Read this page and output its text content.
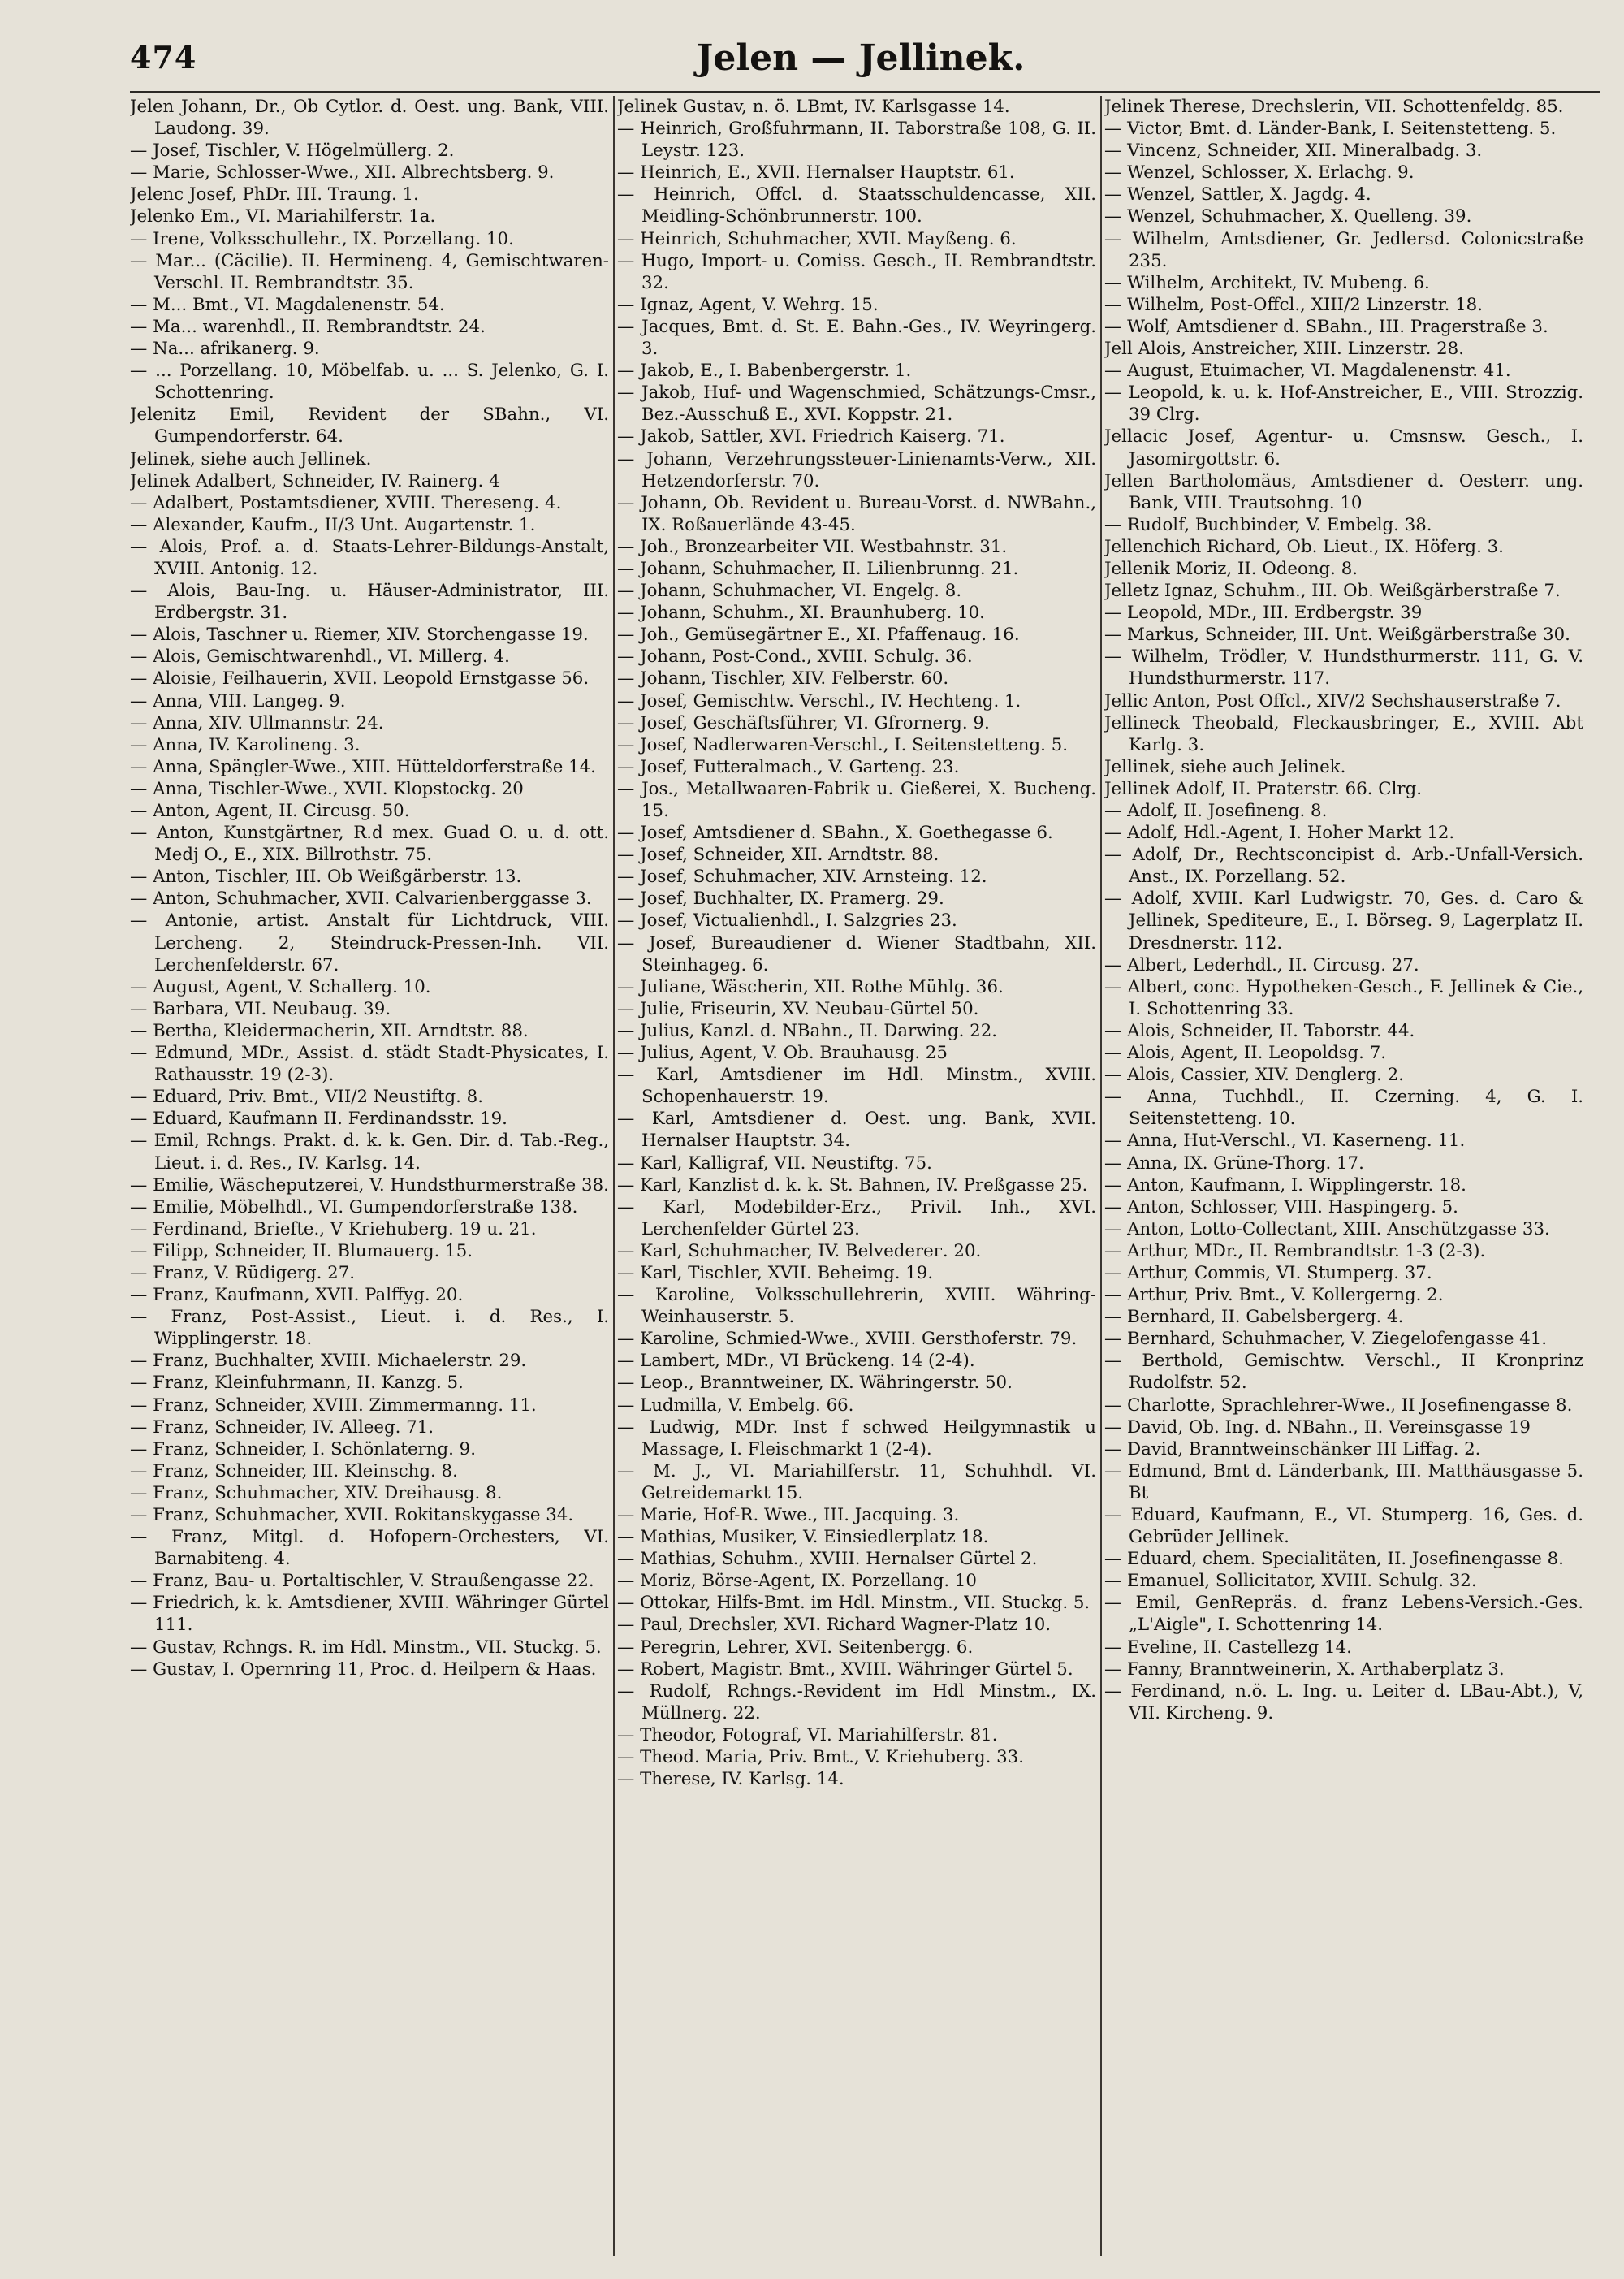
474	Jelen — Jellinek.
Jelen Johann, Dr., Ob Cytlor. d. Oest. ung. Bank, VIII. Laudong. 39.
— Josef, Tischler, V. Högelmüllerg. 2.
— Marie, Schlosser-Wwe., XII. Albrechtsberg. 9.
Jelenc Josef, PhDr. III. Traung. 1.
Jelenko Em., VI. Mariahilferstr. 1a.
— Irene, Volksschullehr., IX. Porzellang. 10.
— Mar... (Cäcilie). II. Hermineng. 4, Gemischtwaren-Verschl. II. Rembrandtstr. 35.
— M... Bmt., VI. Magdalenenstr. 54.
— Ma... warenhdl., II. Rembrandtstr. 24.
— Na... afrikanerg. 9.
— ... Porzellang. 10, Möbelfab. u. ... S. Jelenko, G. I. Schottenring.
Jelenitz Emil, Revident der SBahn., VI. Gumpendorferstr. 64.
Jelinek, siehe auch Jellinek.
Jelinek Adalbert, Schneider, IV. Rainerg. 4
— Adalbert, Postamtsdiener, XVIII. Thereseng. 4.
— Alexander, Kaufm., II/3 Unt. Augartenstr. 1.
— Alois, Prof. a. d. Staats-Lehrer-Bildungs-Anstalt, XVIII. Antonig. 12.
— Alois, Bau-Ing. u. Häuser-Administrator, III. Erdbergstr. 31.
— Alois, Taschner u. Riemer, XIV. Storchengasse 19.
— Alois, Gemischtwarenhdl., VI. Millerg. 4.
— Aloisie, Feilhauerin, XVII. Leopold Ernstgasse 56.
— Anna, VIII. Langeg. 9.
— Anna, XIV. Ullmannstr. 24.
— Anna, IV. Karolineng. 3.
— Anna, Spängler-Wwe., XIII. Hütteldorferstraße 14.
— Anna, Tischler-Wwe., XVII. Klopstockg. 20
— Anton, Agent, II. Circusg. 50.
— Anton, Kunstgärtner, R.d mex. Guad O. u. d. ott. Medj O., E., XIX. Billrothstr. 75.
— Anton, Tischler, III. Ob Weißgärberstr. 13.
— Anton, Schuhmacher, XVII. Calvarienberggasse 3.
— Antonie, artist. Anstalt für Lichtdruck, VIII. Lercheng. 2, Steindruck-Pressen-Inh. VII. Lerchenfelderstr. 67.
— August, Agent, V. Schallerg. 10.
— Barbara, VII. Neubaug. 39.
— Bertha, Kleidermacherin, XII. Arndtstr. 88.
— Edmund, MDr., Assist. d. städt Stadt-Physicates, I. Rathausstr. 19 (2-3).
— Eduard, Priv. Bmt., VII/2 Neustiftg. 8.
— Eduard, Kaufmann II. Ferdinandsstr. 19.
— Emil, Rchngs. Prakt. d. k. k. Gen. Dir. d. Tab.-Reg., Lieut. i. d. Res., IV. Karlsg. 14.
— Emilie, Wäscheputzerei, V. Hundsthurmerstraße 38.
— Emilie, Möbelhdl., VI. Gumpendorferstraße 138.
— Ferdinand, Briefte., V Kriehuberg. 19 u. 21.
— Filipp, Schneider, II. Blumauerg. 15.
— Franz, V. Rüdigerg. 27.
— Franz, Kaufmann, XVII. Palffyg. 20.
— Franz, Post-Assist., Lieut. i. d. Res., I. Wipplingerstr. 18.
— Franz, Buchhalter, XVIII. Michaelerstr. 29.
— Franz, Kleinfuhrmann, II. Kanzg. 5.
— Franz, Schneider, XVIII. Zimmermanng. 11.
— Franz, Schneider, IV. Alleeg. 71.
— Franz, Schneider, I. Schönlaterng. 9.
— Franz, Schneider, III. Kleinschg. 8.
— Franz, Schuhmacher, XIV. Dreihausg. 8.
— Franz, Schuhmacher, XVII. Rokitanskygasse 34.
— Franz, Mitgl. d. Hofopern-Orchesters, VI. Barnabiteng. 4.
— Franz, Bau- u. Portaltischler, V. Straußengasse 22.
— Friedrich, k. k. Amtsdiener, XVIII. Währinger Gürtel 111.
— Gustav, Rchngs. R. im Hdl. Minstm., VII. Stuckg. 5.
— Gustav, I. Opernring 11, Proc. d. Heilpern & Haas.
Jelinek Gustav, n. ö. LBmt, IV. Karlsgasse 14.
— Heinrich, Großfuhrmann, II. Taborstraße 108, G. II. Leystr. 123.
— Heinrich, E., XVII. Hernalser Hauptstr. 61.
— Heinrich, Offcl. d. Staatsschuldencasse, XII. Meidling-Schönbrunnerstr. 100.
— Heinrich, Schuhmacher, XVII. Mayßeng. 6.
— Hugo, Import- u. Comiss. Gesch., II. Rembrandtstr. 32.
— Ignaz, Agent, V. Wehrg. 15.
— Jacques, Bmt. d. St. E. Bahn.-Ges., IV. Weyringerg. 3.
— Jakob, E., I. Babenbergerstr. 1.
— Jakob, Huf- und Wagenschmied, Schätzungs-Cmsr., Bez.-Ausschuß E., XVI. Koppstr. 21.
— Jakob, Sattler, XVI. Friedrich Kaiserg. 71.
— Johann, Verzehrungssteuer-Linienamts-Verw., XII. Hetzendorferstr. 70.
— Johann, Ob. Revident u. Bureau-Vorst. d. NWBahn., IX. Roßauerlände 43-45.
— Joh., Bronzearbeiter VII. Westbahnstr. 31.
— Johann, Schuhmacher, II. Lilienbrunng. 21.
— Johann, Schuhmacher, VI. Engelg. 8.
— Johann, Schuhm., XI. Braunhuberg. 10.
— Joh., Gemüsegärtner E., XI. Pfaffenaug. 16.
— Johann, Post-Cond., XVIII. Schulg. 36.
— Johann, Tischler, XIV. Felberstr. 60.
— Josef, Gemischtw. Verschl., IV. Hechteng. 1.
— Josef, Geschäftsführer, VI. Gfrornerg. 9.
— Josef, Nadlerwaren-Verschl., I. Seitenstetteng. 5.
— Josef, Futteralmach., V. Garteng. 23.
— Jos., Metallwaaren-Fabrik u. Gießerei, X. Bucheng. 15.
— Josef, Amtsdiener d. SBahn., X. Goethegasse 6.
— Josef, Schneider, XII. Arndtstr. 88.
— Josef, Schuhmacher, XIV. Arnsteing. 12.
— Josef, Buchhalter, IX. Pramerg. 29.
— Josef, Victualienhdl., I. Salzgries 23.
— Josef, Bureaudiener d. Wiener Stadtbahn, XII. Steinhageg. 6.
— Juliane, Wäscherin, XII. Rothe Mühlg. 36.
— Julie, Friseurin, XV. Neubau-Gürtel 50.
— Julius, Kanzl. d. NBahn., II. Darwing. 22.
— Julius, Agent, V. Ob. Brauhausg. 25
— Karl, Amtsdiener im Hdl. Minstm., XVIII. Schopenhauerstr. 19.
— Karl, Amtsdiener d. Oest. ung. Bank, XVII. Hernalser Hauptstr. 34.
— Karl, Kalligraf, VII. Neustiftg. 75.
— Karl, Kanzlist d. k. k. St. Bahnen, IV. Preßgasse 25.
— Karl, Modebilder-Erz., Privil. Inh., XVI. Lerchenfelder Gürtel 23.
— Karl, Schuhmacher, IV. Belvederег. 20.
— Karl, Tischler, XVII. Beheimg. 19.
— Karoline, Volksschullehrerin, XVIII. Währing-Weinhauserstr. 5.
— Karoline, Schmied-Wwe., XVIII. Gersthoferstr. 79.
— Lambert, MDr., VI Brückeng. 14 (2-4).
— Leop., Branntweiner, IX. Währingerstr. 50.
— Ludmilla, V. Embelg. 66.
— Ludwig, MDr. Inst f schwed Heilgymnastik u Massage, I. Fleischmarkt 1 (2-4).
— M. J., VI. Mariahilferstr. 11, Schuhhdl. VI. Getreidemarkt 15.
— Marie, Hof-R. Wwe., III. Jacquing. 3.
— Mathias, Musiker, V. Einsiedlerplatz 18.
— Mathias, Schuhm., XVIII. Hernalser Gürtel 2.
— Moriz, Börse-Agent, IX. Porzellang. 10
— Ottokar, Hilfs-Bmt. im Hdl. Minstm., VII. Stuckg. 5.
— Paul, Drechsler, XVI. Richard Wagner-Platz 10.
— Peregrin, Lehrer, XVI. Seitenbergg. 6.
— Robert, Magistr. Bmt., XVIII. Währinger Gürtel 5.
— Rudolf, Rchngs.-Revident im Hdl Minstm., IX. Müllnerg. 22.
— Theodor, Fotograf, VI. Mariahilferstr. 81.
— Theod. Maria, Priv. Bmt., V. Kriehuberg. 33.
— Therese, IV. Karlsg. 14.
Jelinek Therese, Drechslerin, VII. Schottenfeldg. 85.
— Victor, Bmt. d. Länder-Bank, I. Seitenstetteng. 5.
— Vincenz, Schneider, XII. Mineralbadg. 3.
— Wenzel, Schlosser, X. Erlachg. 9.
— Wenzel, Sattler, X. Jagdg. 4.
— Wenzel, Schuhmacher, X. Quelleng. 39.
— Wilhelm, Amtsdiener, Gr. Jedlersd. Colonicstraße 235.
— Wilhelm, Architekt, IV. Mubeng. 6.
— Wilhelm, Post-Offcl., XIII/2 Linzerstr. 18.
— Wolf, Amtsdiener d. SBahn., III. Pragerstraße 3.
Jell Alois, Anstreicher, XIII. Linzerstr. 28.
— August, Etuimacher, VI. Magdalenenstr. 41.
— Leopold, k. u. k. Hof-Anstreicher, E., VIII. Strozzig. 39 Clrg.
Jellacic Josef, Agentur- u. Cmsnsw. Gesch., I. Jasomirgottstr. 6.
Jellen Bartholomäus, Amtsdiener d. Oesterr. ung. Bank, VIII. Trautsohng. 10
— Rudolf, Buchbinder, V. Embelg. 38.
Jellenchich Richard, Ob. Lieut., IX. Höferg. 3.
Jellenik Moriz, II. Odeong. 8.
Jelletz Ignaz, Schuhm., III. Ob. Weißgärberstraße 7.
— Leopold, MDr., III. Erdbergstr. 39
— Markus, Schneider, III. Unt. Weißgärberstraße 30.
— Wilhelm, Trödler, V. Hundsthurmerstr. 111, G. V. Hundsthurmerstr. 117.
Jellic Anton, Post Offcl., XIV/2 Sechshauserstraße 7.
Jellineck Theobald, Fleckausbringer, E., XVIII. Abt Karlg. 3.
Jellinek, siehe auch Jelinek.
Jellinek Adolf, II. Praterstr. 66. Clrg.
— Adolf, II. Josefineng. 8.
— Adolf, Hdl.-Agent, I. Hoher Markt 12.
— Adolf, Dr., Rechtsconcipist d. Arb.-Unfall-Versich. Anst., IX. Porzellang. 52.
— Adolf, XVIII. Karl Ludwigstr. 70, Ges. d. Caro & Jellinek, Spediteure, E., I. Börseg. 9, Lagerplatz II. Dresdnerstr. 112.
— Albert, Lederhdl., II. Circusg. 27.
— Albert, conc. Hypotheken-Gesch., F. Jellinek & Cie., I. Schottenring 33.
— Alois, Schneider, II. Taborstr. 44.
— Alois, Agent, II. Leopoldsg. 7.
— Alois, Cassier, XIV. Denglerg. 2.
— Anna, Tuchhdl., II. Czerning. 4, G. I. Seitenstetteng. 10.
— Anna, Hut-Verschl., VI. Kaserneng. 11.
— Anna, IX. Grüne-Thorg. 17.
— Anton, Kaufmann, I. Wipplingerstr. 18.
— Anton, Schlosser, VIII. Haspingerg. 5.
— Anton, Lotto-Collectant, XIII. Anschützgasse 33.
— Arthur, MDr., II. Rembrandtstr. 1-3 (2-3).
— Arthur, Commis, VI. Stumperg. 37.
— Arthur, Priv. Bmt., V. Kollergerng. 2.
— Bernhard, II. Gabelsbergerg. 4.
— Bernhard, Schuhmacher, V. Ziegelofengasse 41.
— Berthold, Gemischtw. Verschl., II Kronprinz Rudolfstr. 52.
— Charlotte, Sprachlehrer-Wwe., II Josefinengasse 8.
— David, Ob. Ing. d. NBahn., II. Vereinsgasse 19
— David, Branntweinschänker III Liffag. 2.
— Edmund, Bmt d. Länderbank, III. Matthäusgasse 5. Bt
— Eduard, Kaufmann, E., VI. Stumperg. 16, Ges. d. Gebrüder Jellinek.
— Eduard, chem. Specialitäten, II. Josefinengasse 8.
— Emanuel, Sollicitator, XVIII. Schulg. 32.
— Emil, GenRepräs. d. franz Lebens-Versich.-Ges. „L'Aigle", I. Schottenring 14.
— Eveline, II. Castellezg 14.
— Fanny, Branntweinerin, X. Arthaberplatz 3.
— Ferdinand, n.ö. L. Ing. u. Leiter d. LBau-Abt.), V, VII. Kircheng. 9.
